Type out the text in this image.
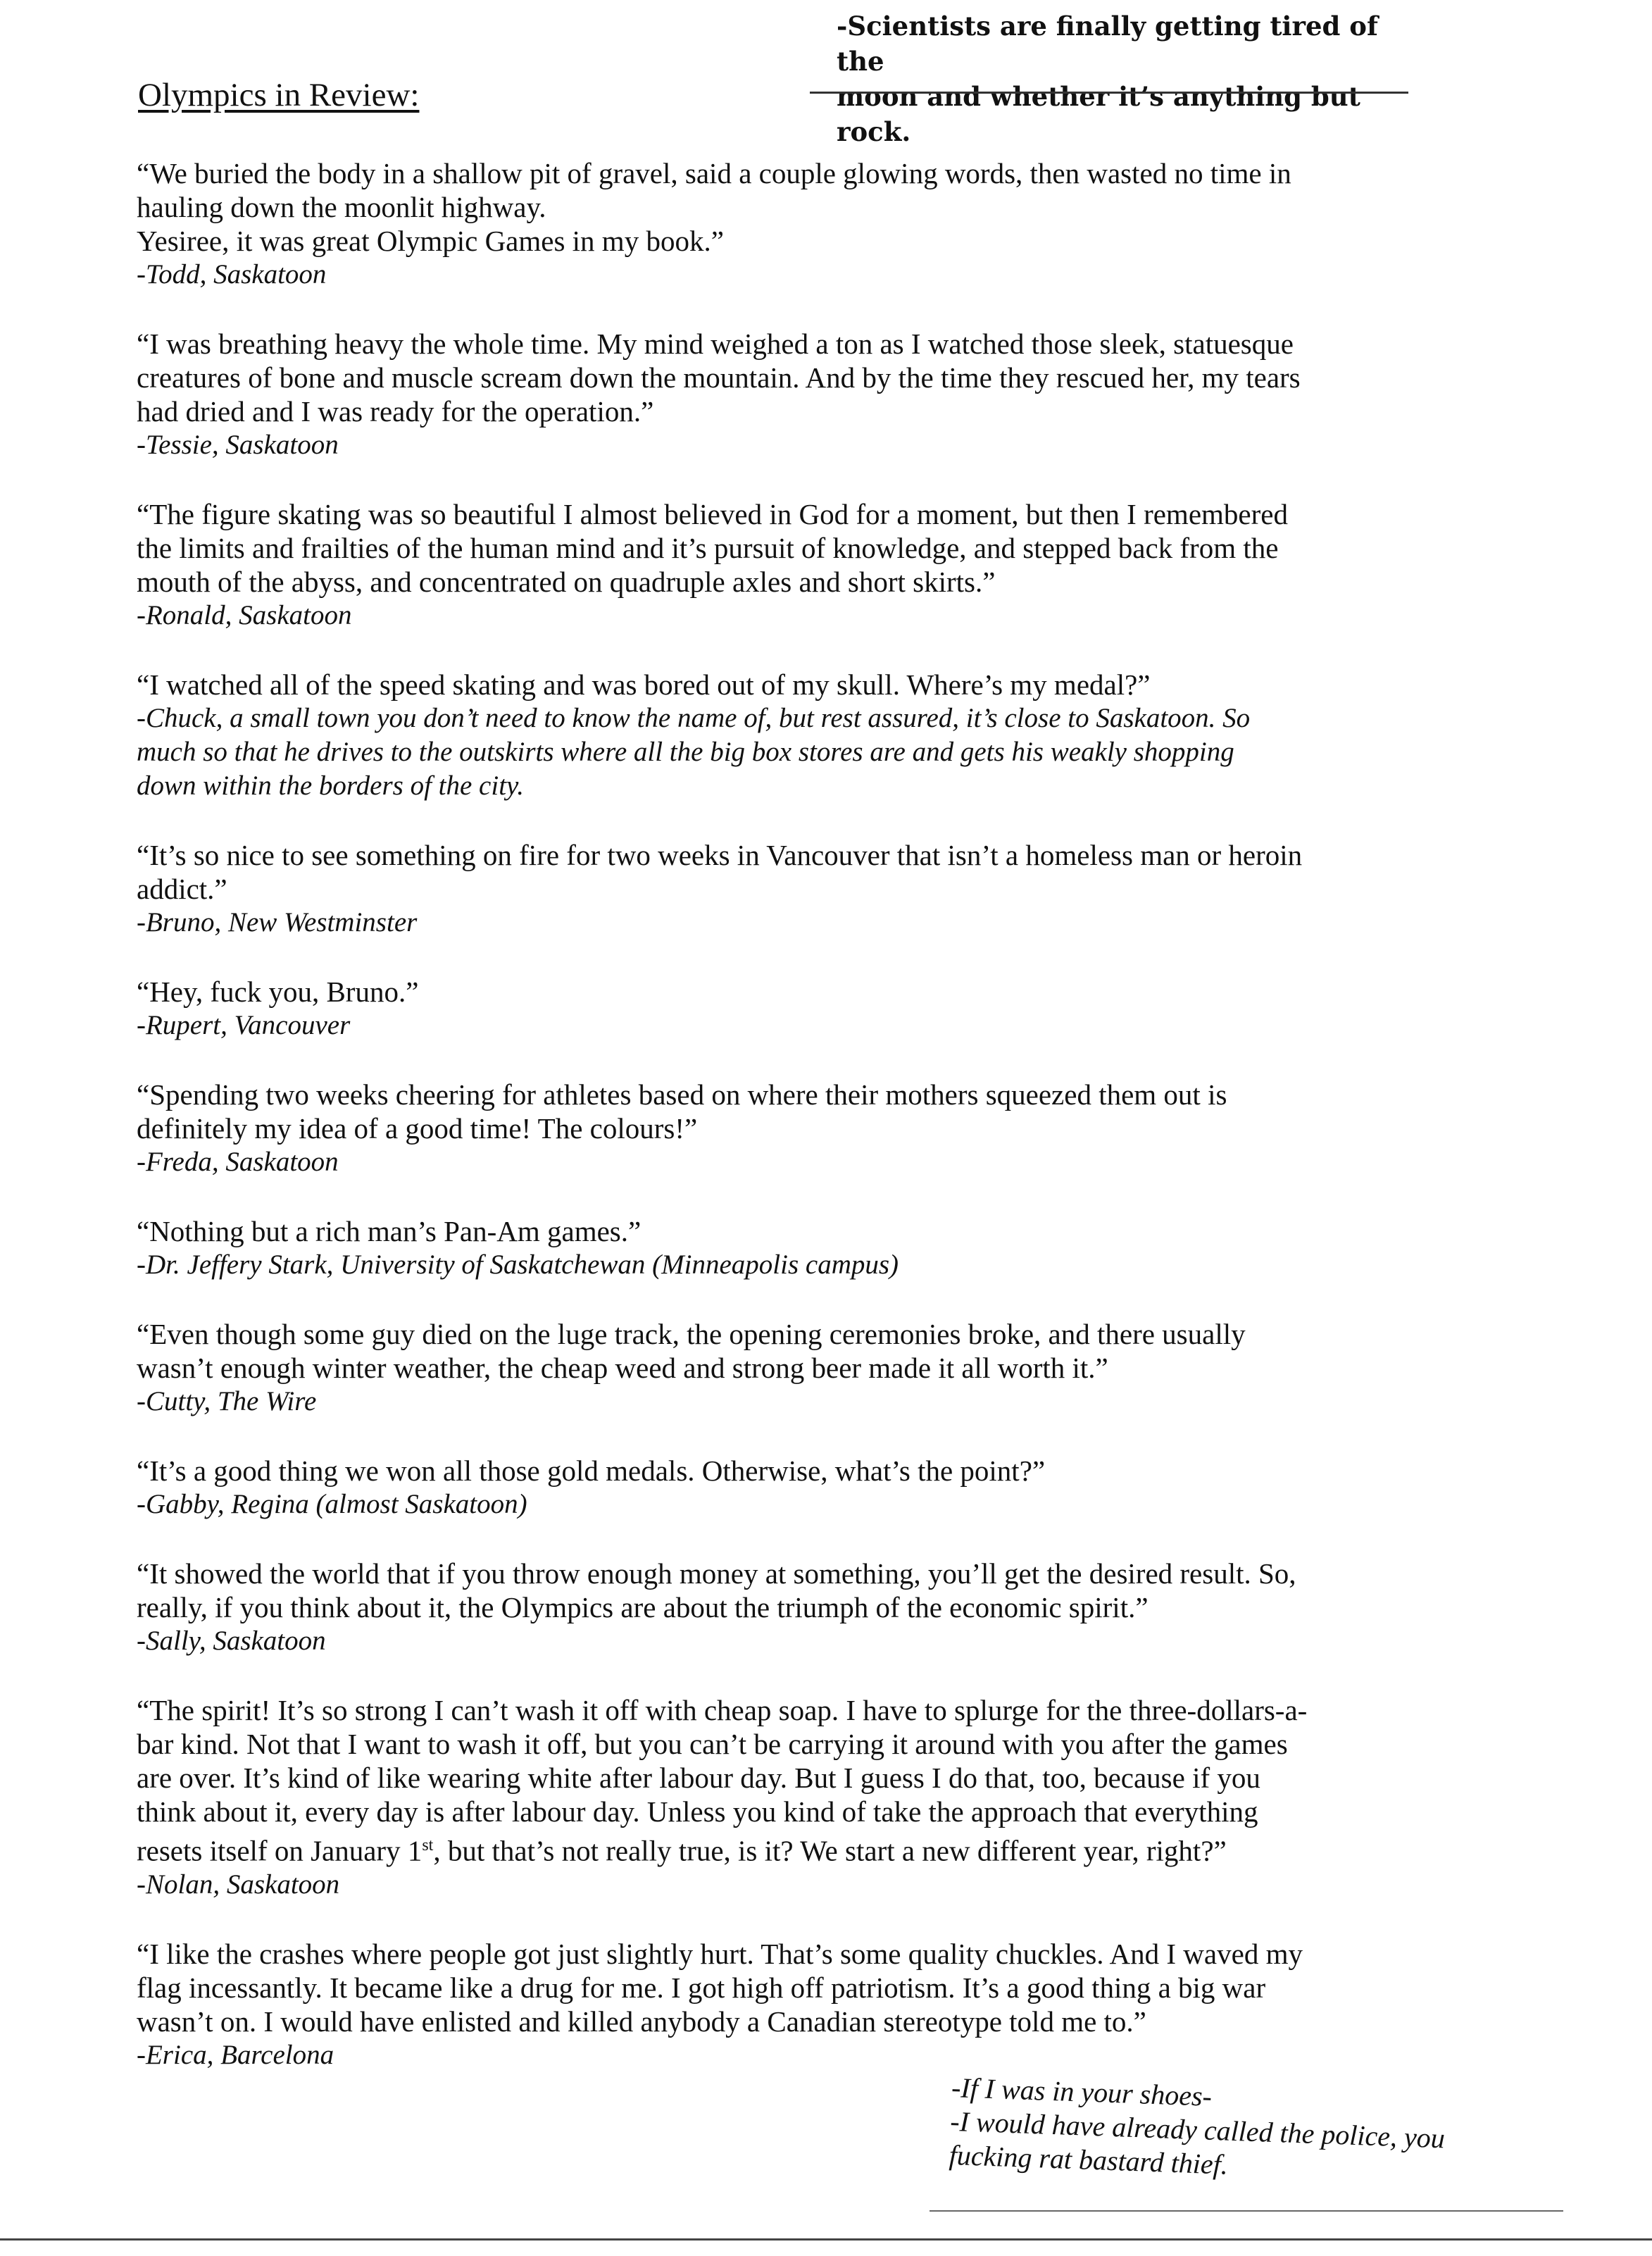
-Scientists are finally getting tired of the
moon and whether it’s anything but rock.
Olympics in Review:

“We buried the body in a shallow pit of gravel, said a couple glowing words, then wasted no time in
hauling down the moonlit highway.
Yesiree, it was great Olympic Games in my book.”

-Todd, Saskatoon

“I was breathing heavy the whole time. My mind weighed a ton as I watched those sleek, statuesque
creatures of bone and muscle scream down the mountain. And by the time they rescued her, my tears
had dried and I was ready for the operation.”

-Tessie, Saskatoon

“The figure skating was so beautiful I almost believed in God for a moment, but then I remembered
the limits and frailties of the human mind and it’s pursuit of knowledge, and stepped back from the
mouth of the abyss, and concentrated on quadruple axles and short skirts.”

-Ronald, Saskatoon

“I watched all of the speed skating and was bored out of my skull. Where’s my medal?”

-Chuck, a small town you don’t need to know the name of, but rest assured, it’s close to Saskatoon. So
much so that he drives to the outskirts where all the big box stores are and gets his weakly shopping
down within the borders of the city.

“It’s so nice to see something on fire for two weeks in Vancouver that isn’t a homeless man or heroin
addict.”

-Bruno, New Westminster

“Hey, fuck you, Bruno.”

-Rupert, Vancouver

“Spending two weeks cheering for athletes based on where their mothers squeezed them out is
definitely my idea of a good time! The colours!”

-Freda, Saskatoon

“Nothing but a rich man’s Pan-Am games.”

-Dr. Jeffery Stark, University of Saskatchewan (Minneapolis campus)

“Even though some guy died on the luge track, the opening ceremonies broke, and there usually
wasn’t enough winter weather, the cheap weed and strong beer made it all worth it.”

-Cutty, The Wire

“It’s a good thing we won all those gold medals. Otherwise, what’s the point?”

-Gabby, Regina (almost Saskatoon)

“It showed the world that if you throw enough money at something, you’ll get the desired result. So,
really, if you think about it, the Olympics are about the triumph of the economic spirit.”

-Sally, Saskatoon

“The spirit! It’s so strong I can’t wash it off with cheap soap. I have to splurge for the three-dollars-a-
bar kind. Not that I want to wash it off, but you can’t be carrying it around with you after the games
are over. It’s kind of like wearing white after labour day. But I guess I do that, too, because if you
think about it, every day is after labour day. Unless you kind of take the approach that everything
resets itself on January 1st, but that’s not really true, is it? We start a new different year, right?”

-Nolan, Saskatoon

“I like the crashes where people got just slightly hurt. That’s some quality chuckles. And I waved my
flag incessantly. It became like a drug for me. I got high off patriotism. It’s a good thing a big war
wasn’t on. I would have enlisted and killed anybody a Canadian stereotype told me to.”

-Erica, Barcelona

-If I was in your shoes-

-I would have already called the police, you
fucking rat bastard thief.
